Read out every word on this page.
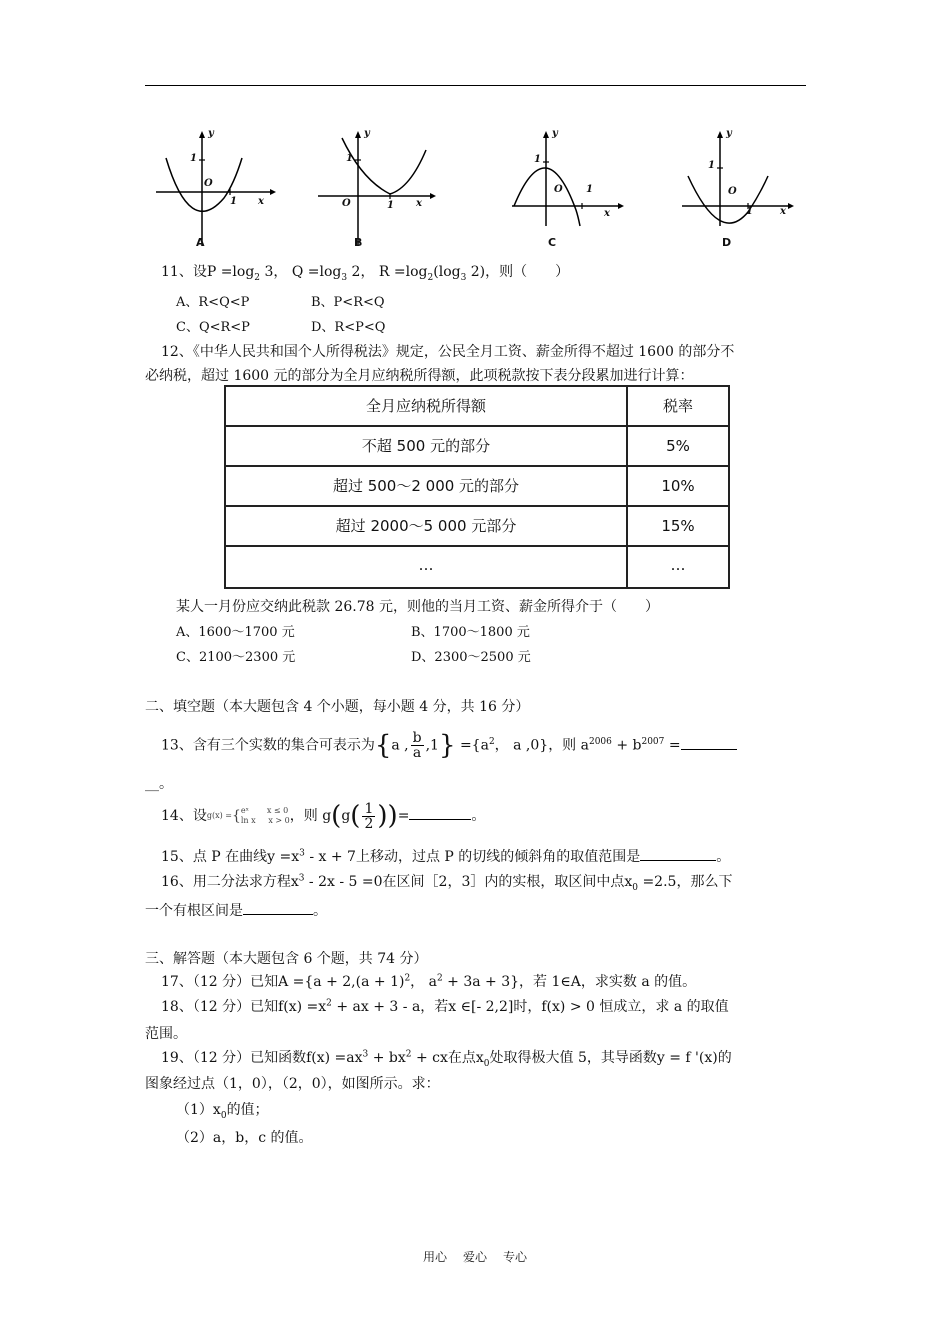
y
1
O
1 x
A
y
1
O	1 x
B
y
1
O 1
x
C
y
1
O
1	x
D
11、设$P =\log_2$ 3， $Q =\log_3$ 2， $R =\log_2(\log_3$ 2)，则（　　）
A、R<Q<P	B、P<R<Q
C、Q<R<P	D、R<P<Q
12、《中华人民共和国个人所得税法》规定，公民全月工资、薪金所得不超过 1600 的部分不
必纳税，超过 1600 元的部分为全月应纳税所得额，此项税款按下表分段累加进行计算：
全月应纳税所得额	税率
不超 500 元的部分	5%
超过 500～2 000 元的部分	10%
超过 2000～5 000 元部分	15%
…	…
某人一月份应交纳此税款 26.78 元，则他的当月工资、薪金所得介于（　　）
A、1600～1700 元	B、1700～1800 元
C、2100～2300 元	D、2300～2500 元
二、填空题（本大题包含 4 个小题，每小题 4 分，共 16 分）
13、含有三个实数的集合可表示为{a , $\frac{b}{a} ,1\} =\{a^2$， a ,0}，则 $a^{2006} + b^{2007}$ =
__。
14、设g(x) ={eˣ x ≤ 0
ln x x > 0，则 $g(g( \frac{1}{2}$ ))=	。
15、点 P 在曲线$y =x^3 - x + 7$上移动，过点 P 的切线的倾斜角的取值范围是	。
16、用二分法求方程$x^3 - 2x - 5 =0$在区间［2，3］内的实根，取区间中点$x_0 =2.5$，那么下
一个有根区间是	。
三、解答题（本大题包含 6 个题，共 74 分）
17、（12 分）已知$A =\{a + 2,(a + 1)^2$， $a^2 + 3a + 3$}，若 1∈A，求实数 a 的值。
18、（12 分）已知$f(x) =x^2$ + ax + 3 - a，若x ∈[- 2,2]时，f(x) > 0 恒成立，求 a 的取值
范围。
19、（12 分）已知函数$f(x) =ax^3 + bx^2$ + cx在点$x_0$处取得极大值 5，其导函数y = f '(x)的
图象经过点（1，0），（2，0），如图所示。求：
$(1)x_0$的值；
（2）a，b，c 的值。
用心 爱心 专心
